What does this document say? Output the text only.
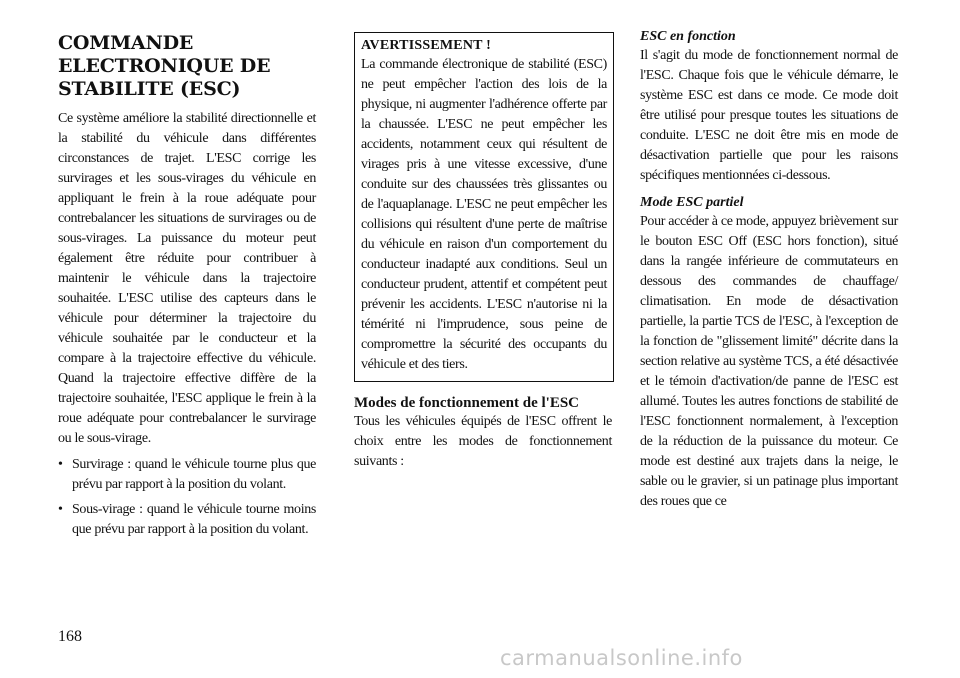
COMMANDE ELECTRONIQUE DE STABILITE (ESC)

Ce système améliore la stabilité directionnelle et la stabilité du véhicule dans différentes circonstances de trajet. L'ESC corrige les survirages et les sous-virages du véhicule en appliquant le frein à la roue adéquate pour contrebalancer les situations de survirages ou de sous-virages. La puissance du moteur peut également être réduite pour contribuer à maintenir le véhicule dans la trajectoire souhaitée. L'ESC utilise des capteurs dans le véhicule pour déterminer la trajectoire du véhicule souhaitée par le conducteur et la compare à la trajectoire effective du véhicule. Quand la trajectoire effective diffère de la trajectoire souhaitée, l'ESC applique le frein à la roue adéquate pour contrebalancer le survirage ou le sous-virage.

• Survirage : quand le véhicule tourne plus que prévu par rapport à la position du volant.
• Sous-virage : quand le véhicule tourne moins que prévu par rapport à la position du volant.
AVERTISSEMENT !
La commande électronique de stabilité (ESC) ne peut empêcher l'action des lois de la physique, ni augmenter l'adhérence offerte par la chaussée. L'ESC ne peut empêcher les accidents, notamment ceux qui résultent de virages pris à une vitesse excessive, d'une conduite sur des chaussées très glissantes ou de l'aquaplanage. L'ESC ne peut empêcher les collisions qui résultent d'une perte de maîtrise du véhicule en raison d'un comportement du conducteur inadapté aux conditions. Seul un conducteur prudent, attentif et compétent peut prévenir les accidents. L'ESC n'autorise ni la témérité ni l'imprudence, sous peine de compromettre la sécurité des occupants du véhicule et des tiers.
Modes de fonctionnement de l'ESC
Tous les véhicules équipés de l'ESC offrent le choix entre les modes de fonctionnement suivants :
ESC en fonction

Il s'agit du mode de fonctionnement normal de l'ESC. Chaque fois que le véhicule démarre, le système ESC est dans ce mode. Ce mode doit être utilisé pour presque toutes les situations de conduite. L'ESC ne doit être mis en mode de désactivation partielle que pour les raisons spécifiques mentionnées ci-dessous.

Mode ESC partiel

Pour accéder à ce mode, appuyez brièvement sur le bouton ESC Off (ESC hors fonction), situé dans la rangée inférieure de commutateurs en dessous des commandes de chauffage/ climatisation. En mode de désactivation partielle, la partie TCS de l'ESC, à l'exception de la fonction de "glissement limité" décrite dans la section relative au système TCS, a été désactivée et le témoin d'activation/de panne de l'ESC est allumé. Toutes les autres fonctions de stabilité de l'ESC fonctionnent normalement, à l'exception de la réduction de la puissance du moteur. Ce mode est destiné aux trajets dans la neige, le sable ou le gravier, si un patinage plus important des roues que ce

168
carmanualsonline.info
